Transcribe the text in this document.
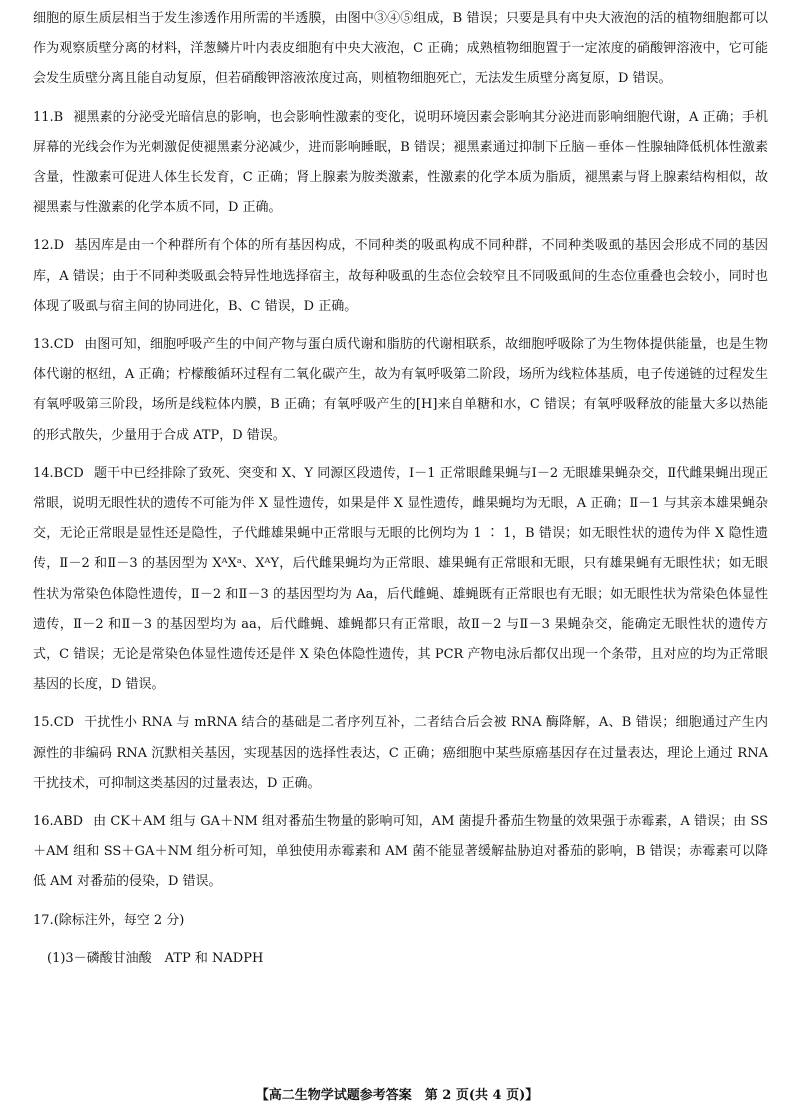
细胞的原生质层相当于发生渗透作用所需的半透膜，由图中③④⑤组成，B 错误；只要是具有中央大液泡的活的植物细胞都可以作为观察质壁分离的材料，洋葱鳞片叶内表皮细胞有中央大液泡，C 正确；成熟植物细胞置于一定浓度的硝酸钾溶液中，它可能会发生质壁分离且能自动复原，但若硝酸钾溶液浓度过高，则植物细胞死亡，无法发生质壁分离复原，D 错误。

11.B 褪黑素的分泌受光暗信息的影响，也会影响性激素的变化，说明环境因素会影响其分泌进而影响细胞代谢，A 正确；手机屏幕的光线会作为光刺激促使褪黑素分泌减少，进而影响睡眠，B 错误；褪黑素通过抑制下丘脑－垂体－性腺轴降低机体性激素含量，性激素可促进人体生长发育，C 正确；肾上腺素为胺类激素，性激素的化学本质为脂质，褪黑素与肾上腺素结构相似，故褪黑素与性激素的化学本质不同，D 正确。

12.D 基因库是由一个种群所有个体的所有基因构成，不同种类的吸虱构成不同种群，不同种类吸虱的基因会形成不同的基因库，A 错误；由于不同种类吸虱会特异性地选择宿主，故每种吸虱的生态位会较窄且不同吸虱间的生态位重叠也会较小，同时也体现了吸虱与宿主间的协同进化，B、C 错误，D 正确。

13.CD 由图可知，细胞呼吸产生的中间产物与蛋白质代谢和脂肪的代谢相联系，故细胞呼吸除了为生物体提供能量，也是生物体代谢的枢纽，A 正确；柠檬酸循环过程有二氧化碳产生，故为有氧呼吸第二阶段，场所为线粒体基质，电子传递链的过程发生有氧呼吸第三阶段，场所是线粒体内膜，B 正确；有氧呼吸产生的[H]来自单糖和水，C 错误；有氧呼吸释放的能量大多以热能的形式散失，少量用于合成 ATP，D 错误。

14.BCD 题干中已经排除了致死、突变和 X、Y 同源区段遗传，Ⅰ－1 正常眼雌果蝇与Ⅰ－2 无眼雄果蝇杂交，Ⅱ代雌果蝇出现正常眼，说明无眼性状的遗传不可能为伴 X 显性遗传，如果是伴 X 显性遗传，雌果蝇均为无眼，A 正确；Ⅱ－1 与其亲本雄果蝇杂交，无论正常眼是显性还是隐性，子代雌雄果蝇中正常眼与无眼的比例均为 1 ∶ 1，B 错误；如无眼性状的遗传为伴 X 隐性遗传，Ⅱ－2 和Ⅱ－3 的基因型为 XᴬXᵃ、XᴬY，后代雌果蝇均为正常眼、雄果蝇有正常眼和无眼，只有雄果蝇有无眼性状；如无眼性状为常染色体隐性遗传，Ⅱ－2 和Ⅱ－3 的基因型均为 Aa，后代雌蝇、雄蝇既有正常眼也有无眼；如无眼性状为常染色体显性遗传，Ⅱ－2 和Ⅱ－3 的基因型均为 aa，后代雌蝇、雄蝇都只有正常眼，故Ⅱ－2 与Ⅱ－3 果蝇杂交，能确定无眼性状的遗传方式，C 错误；无论是常染色体显性遗传还是伴 X 染色体隐性遗传，其 PCR 产物电泳后都仅出现一个条带，且对应的均为正常眼基因的长度，D 错误。

15.CD 干扰性小 RNA 与 mRNA 结合的基础是二者序列互补，二者结合后会被 RNA 酶降解，A、B 错误；细胞通过产生内源性的非编码 RNA 沉默相关基因，实现基因的选择性表达，C 正确；癌细胞中某些原癌基因存在过量表达，理论上通过 RNA 干扰技术，可抑制这类基因的过量表达，D 正确。

16.ABD 由 CK＋AM 组与 GA＋NM 组对番茄生物量的影响可知，AM 菌提升番茄生物量的效果强于赤霉素，A 错误；由 SS＋AM 组和 SS＋GA＋NM 组分析可知，单独使用赤霉素和 AM 菌不能显著缓解盐胁迫对番茄的影响，B 错误；赤霉素可以降低 AM 对番茄的侵染，D 错误。

17.(除标注外，每空 2 分)

(1)3－磷酸甘油酸　ATP 和 NADPH

【高二生物学试题参考答案　第 2 页(共 4 页)】
